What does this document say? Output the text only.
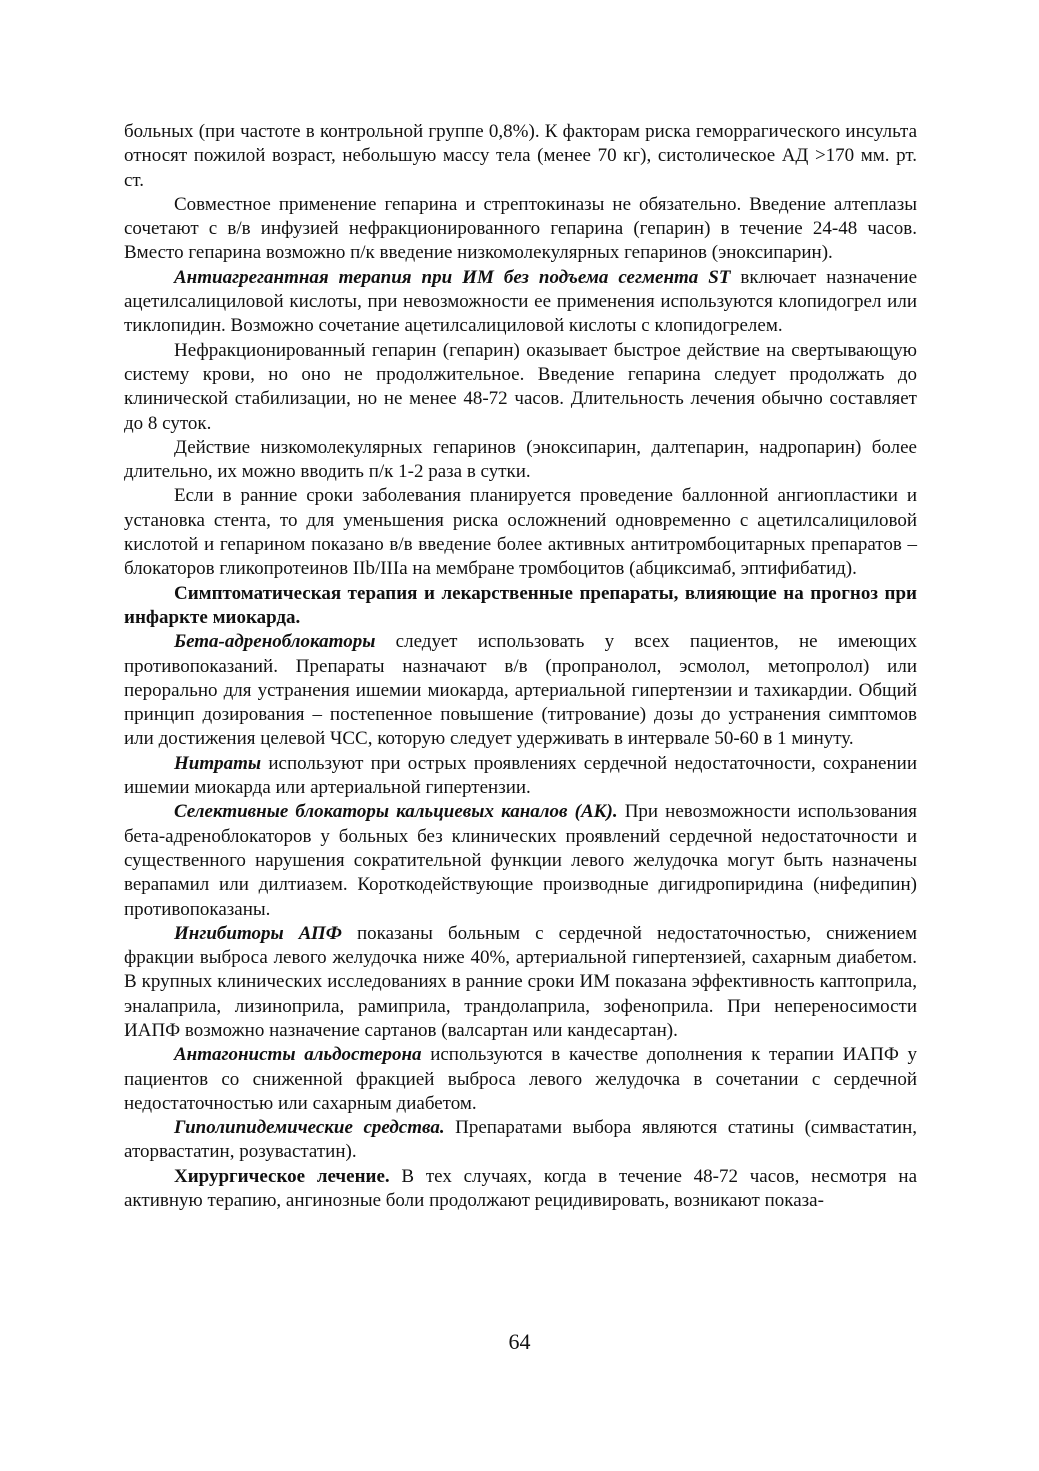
больных (при частоте в контрольной группе 0,8%). К факторам риска геморрагического инсульта относят пожилой возраст, небольшую массу тела (менее 70 кг), систолическое АД >170 мм. рт. ст.

Совместное применение гепарина и стрептокиназы не обязательно. Введение алтеплазы сочетают с в/в инфузией нефракционированного гепарина (гепарин) в течение 24-48 часов. Вместо гепарина возможно п/к введение низкомолекулярных гепаринов (эноксипарин).

Антиагрегантная терапия при ИМ без подъема сегмента ST включает назначение ацетилсалициловой кислоты, при невозможности ее применения используются клопидогрел или тиклопидин. Возможно сочетание ацетилсалициловой кислоты с клопидогрелем.

Нефракционированный гепарин (гепарин) оказывает быстрое действие на свертывающую систему крови, но оно не продолжительное. Введение гепарина следует продолжать до клинической стабилизации, но не менее 48-72 часов. Длительность лечения обычно составляет до 8 суток.

Действие низкомолекулярных гепаринов (эноксипарин, далтепарин, надропарин) более длительно, их можно вводить п/к 1-2 раза в сутки.

Если в ранние сроки заболевания планируется проведение баллонной ангиопластики и установка стента, то для уменьшения риска осложнений одновременно с ацетилсалициловой кислотой и гепарином показано в/в введение более активных антитромбоцитарных препаратов – блокаторов гликопротеинов IIb/IIIa на мембране тромбоцитов (абциксимаб, эптифибатид).

Симптоматическая терапия и лекарственные препараты, влияющие на прогноз при инфаркте миокарда.

Бета-адреноблокаторы следует использовать у всех пациентов, не имеющих противопоказаний. Препараты назначают в/в (пропранолол, эсмолол, метопролол) или перорально для устранения ишемии миокарда, артериальной гипертензии и тахикардии. Общий принцип дозирования – постепенное повышение (титрование) дозы до устранения симптомов или достижения целевой ЧСС, которую следует удерживать в интервале 50-60 в 1 минуту.

Нитраты используют при острых проявлениях сердечной недостаточности, сохранении ишемии миокарда или артериальной гипертензии.

Селективные блокаторы кальциевых каналов (АК). При невозможности использования бета-адреноблокаторов у больных без клинических проявлений сердечной недостаточности и существенного нарушения сократительной функции левого желудочка могут быть назначены верапамил или дилтиазем. Короткодействующие производные дигидропиридина (нифедипин) противопоказаны.

Ингибиторы АПФ показаны больным с сердечной недостаточностью, снижением фракции выброса левого желудочка ниже 40%, артериальной гипертензией, сахарным диабетом. В крупных клинических исследованиях в ранние сроки ИМ показана эффективность каптоприла, эналаприла, лизиноприла, рамиприла, трандолаприла, зофеноприла. При непереносимости ИАПФ возможно назначение сартанов (валсартан или кандесартан).

Антагонисты альдостерона используются в качестве дополнения к терапии ИАПФ у пациентов со сниженной фракцией выброса левого желудочка в сочетании с сердечной недостаточностью или сахарным диабетом.

Гиполипидемические средства. Препаратами выбора являются статины (симвастатин, аторвастатин, розувастатин).

Хирургическое лечение. В тех случаях, когда в течение 48-72 часов, несмотря на активную терапию, ангинозные боли продолжают рецидивировать, возникают показа-

64
